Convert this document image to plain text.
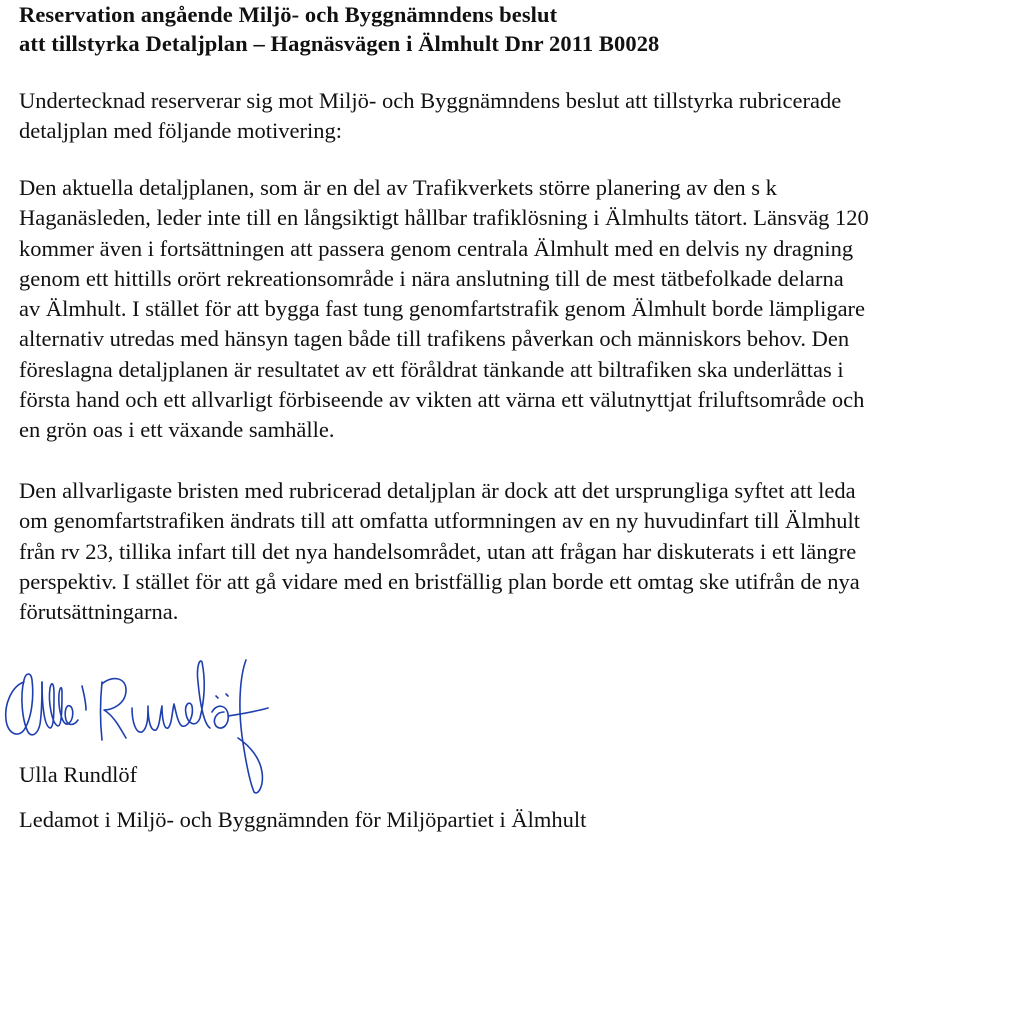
Reservation angående Miljö- och Byggnämndens beslut
att tillstyrka Detaljplan – Hagnäsvägen i Älmhult Dnr 2011 B0028

Undertecknad reserverar sig mot Miljö- och Byggnämndens beslut att tillstyrka rubricerade
detaljplan med följande motivering:

Den aktuella detaljplanen, som är en del av Trafikverkets större planering av den s k
Haganäsleden, leder inte till en långsiktigt hållbar trafiklösning i Älmhults tätort. Länsväg 120
kommer även i fortsättningen att passera genom centrala Älmhult med en delvis ny dragning
genom ett hittills orört rekreationsområde i nära anslutning till de mest tätbefolkade delarna
av Älmhult. I stället för att bygga fast tung genomfartstrafik genom Älmhult borde lämpligare
alternativ utredas med hänsyn tagen både till trafikens påverkan och människors behov. Den
föreslagna detaljplanen är resultatet av ett föråldrat tänkande att biltrafiken ska underlättas i
första hand och ett allvarligt förbiseende av vikten att värna ett välutnyttjat friluftsområde och
en grön oas i ett växande samhälle.

Den allvarligaste bristen med rubricerad detaljplan är dock att det ursprungliga syftet att leda
om genomfartstrafiken ändrats till att omfatta utformningen av en ny huvudinfart till Älmhult
från rv 23, tillika infart till det nya handelsområdet, utan att frågan har diskuterats i ett längre
perspektiv. I stället för att gå vidare med en bristfällig plan borde ett omtag ske utifrån de nya
förutsättningarna.

Ulla Rundlöf

Ledamot i Miljö- och Byggnämnden för Miljöpartiet i Älmhult
